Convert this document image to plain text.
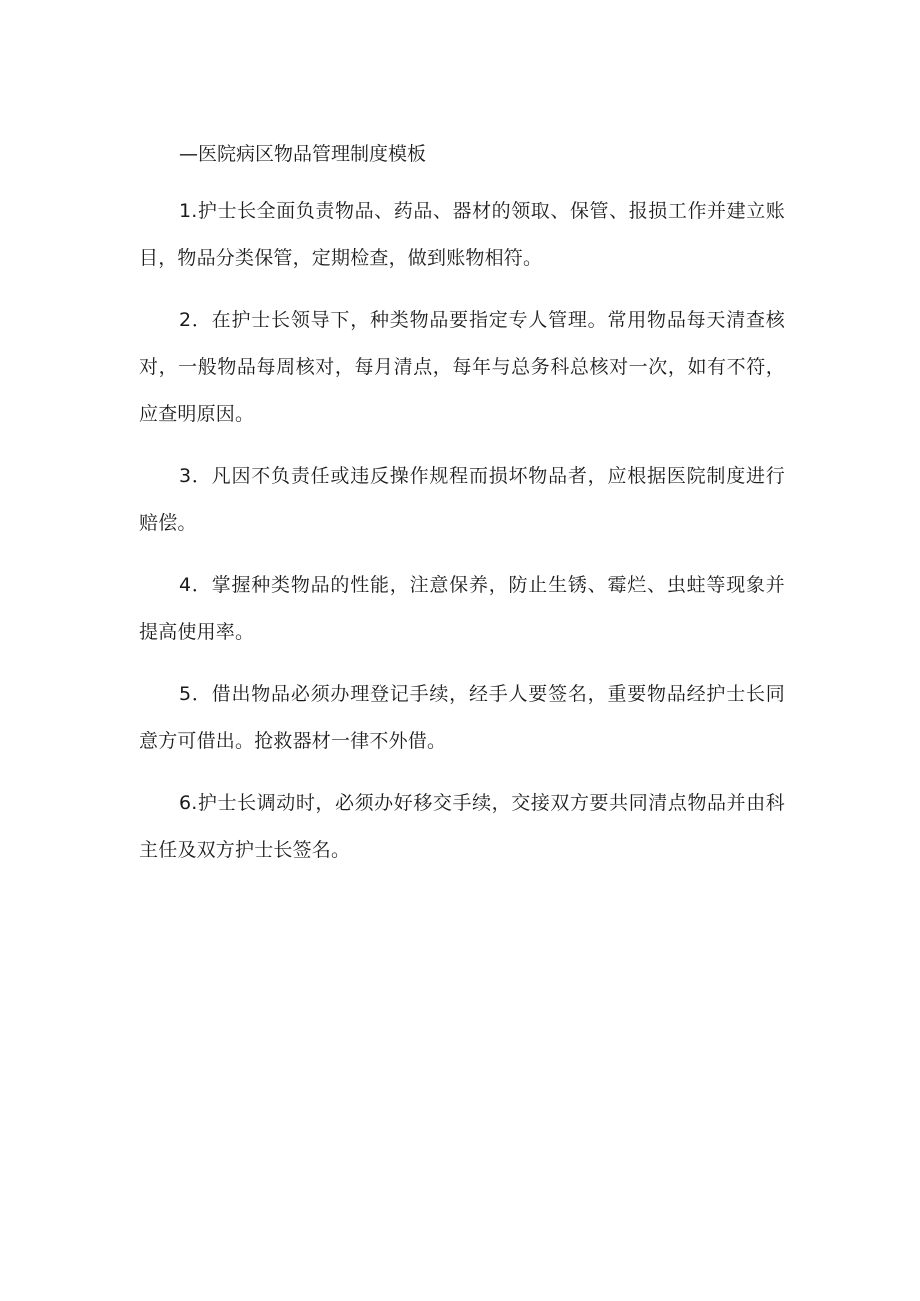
—医院病区物品管理制度模板

1.护士长全面负责物品、药品、器材的领取、保管、报损工作并建立账目，物品分类保管，定期检查，做到账物相符。

2．在护士长领导下，种类物品要指定专人管理。常用物品每天清查核对，一般物品每周核对，每月清点，每年与总务科总核对一次，如有不符，应查明原因。

3．凡因不负责任或违反操作规程而损坏物品者，应根据医院制度进行赔偿。

4．掌握种类物品的性能，注意保养，防止生锈、霉烂、虫蛀等现象并提高使用率。

5．借出物品必须办理登记手续，经手人要签名，重要物品经护士长同意方可借出。抢救器材一律不外借。

6.护士长调动时，必须办好移交手续，交接双方要共同清点物品并由科主任及双方护士长签名。
